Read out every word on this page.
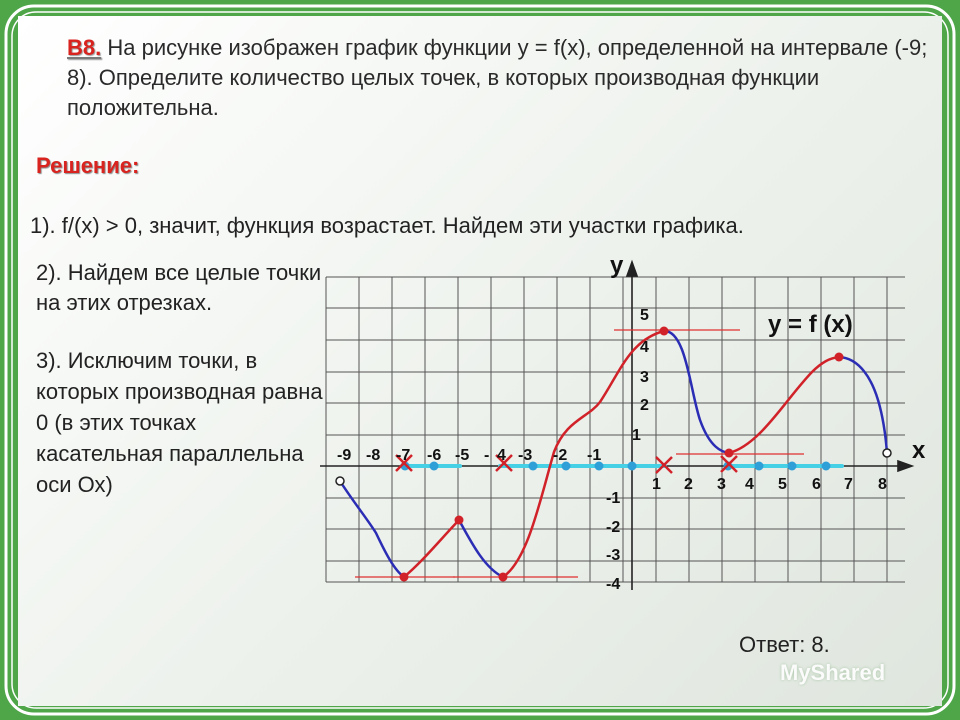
B8. На рисунке изображен график функции y = f(x), определенной на интервале (-9; 8). Определите количество целых точек, в которых производная функции положительна.
Решение:
1). f/(x) > 0, значит, функция возрастает. Найдем эти участки графика.
2). Найдем все целые точки на этих отрезках.
3). Исключим точки, в которых производная равна 0 (в этих точках касательная параллельна оси Ох)
Ответ: 8.
MyShared
-9 -8 -7 -6 -5 - 4 -3 -2 -1
1 2 3 4 5 6 7 8
5
4
3
2
1
-1
-2
-3
-4
y
x
y = f (x)
